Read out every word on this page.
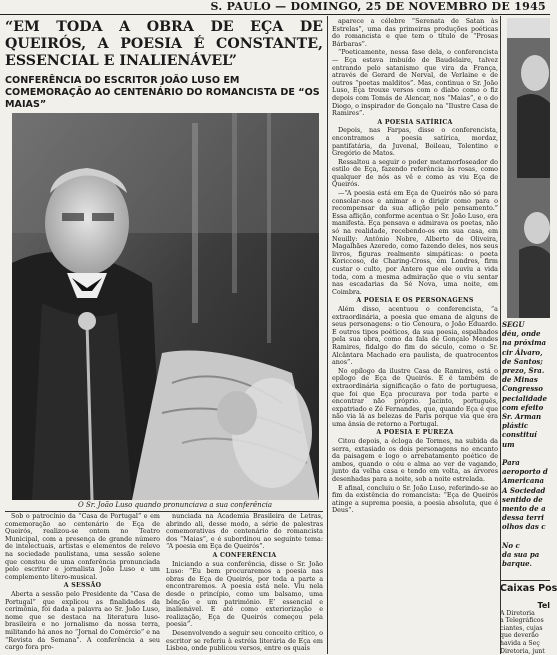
S. PAULO — DOMINGO, 25 DE NOVEMBRO DE 1945
“EM TODA A OBRA DE EÇA DE QUEIRÓS, A POESIA É CONSTANTE, ESSENCIAL E INALIENÁVEL”
CONFERÊNCIA DO ESCRITOR JOÃO LUSO EM COMEMORAÇÃO AO CENTENÁRIO DO ROMANCISTA DE “OS MAIAS”
O Sr. João Luso quando pronunciava a sua conferência

Sob o patrocínio da “Casa de Portugal” e em comemoração ao centenário de Eça de Queirós, realizou-se ontem no Teatro Municipal, com a presença de grande número de intelectuais, artistas e elementos de relevo na sociedade paulistana, uma sessão solene que constou de uma conferência pronunciada pelo escritor e jornalista João Luso e um complemento lítero-musical.

A SESSÃO

Aberta a sessão pelo Presidente da “Casa de Portugal” que explicou as finalidades da cerimônia, foi dada a palavra ao Sr. João Luso, nome que se destaca na literatura luso-brasileira e no jornalismo da nossa terra, militando há anos no “Jornal do Comércio” e na “Revista da Semana”. A conferência a seu cargo fora pro-

nunciada na Academia Brasileira de Letras, abrindo ali, desse modo, a série de palestras comemorativas do centenário do romancista dos “Maias”, e é subordinou ao seguinte tema: “A poesia em Eça de Queirós”.

A CONFERÊNCIA

Iniciando a sua conferência, disse o Sr. João Luso: “Eu bem procuraremos a poesia nas obras de Eça de Queirós, por toda a parte a encontraremos. A poesia está nele. Viu nela desde o princípio, como um balsamo, uma bênção e um patrimônio. E’ essencial e inalienável. E até como exteriorização e realização, Eça de Queirós começou pela poesia”.

Desenvolvendo a seguir seu conceito crítico, o escritor se referiu à estréia literária de Eça em Lisboa, onde publicou versos, entre os quais

aparece a célebre “Serenata de Satan às Estrelas”, uma das primeiras produções poéticas do romancista e que tem o título de “Prosas Bárbaras”.

“Poeticamente, nessa fase dela, o conferencista — Eça estava imbuído de Baudelaire, talvez entrando pelo satanismo que vira da França, através de Gerard de Nerval, de Verlaine e de outros “poetas malditos”. Mas, continua o Sr. João Luso, Eça trouxe versos com o diabo como o fiz depois com Tomás de Alencar, nos “Maias”, e o do Diogo, o inspirador de Gonçalo na “Ilustre Casa de Ramires”.

A POESIA SATÍRICA

Depois, nas Farpas, disse o conferencista, encontramos a poesia satírica, mordaz, pantifatária, da Juvenal, Boileau, Tolentino e Gregório de Matos.

Ressaltou a seguir o poder metamorfoseador do estilo de Eça, fazendo referência às rosas, como qualquer de nós as vê e como as viu Eça de Queirós.

—“A poesia está em Eça de Queirós não só para consolar-nos e animar e o dirigir como para o recompensar da sua aflição pelo pensamento.” Essa aflição, conforme acentua o Sr. João Luso, era manifesta. Eça pensava e admirava os poetas, não só na realidade, recebendo-os em sua casa, em Neuilly: Antônio Nobre, Alberto de Oliveira, Magalhães Azeredo, como fazendo deles, nos seus livros, figuras realmente simpáticas: o poeta Koriccoso, de Charing-Cross, em Londres, firm custar o culto, por Antero que ele ouviu a vida toda, com a mesma admiração que o viu sentar nas escadarias da Sé Nova, uma noite, em Coimbra.

A POESIA E OS PERSONAGENS

Além disso, acentuou o conferencista, “a extraordinária, a poesia que emana de alguns de seus personagens: o tio Cenoura, o João Eduardo. E outros tipos poéticos, da sua poesia, espalhados pela sua obra, como da fala de Gonçalo Mendes Ramires, fidalgo do fim do século, como o Sr. Alcântara Machado era paulista, de quatrocentos anos”.

No epílogo da ilustre Casa de Ramires, está o epílogo de Eça de Queirós. E é também de extraordinária significação o fato de portuguesa, que foi que Eça procurava por toda parte e encontrar não próprio. Jacinto, português, expatriado e Zé Fernandes, que, quando Eça é que não via lá as belezas de Paris porque via que era uma ânsia de retorno a Portugal.

A POESIA E PUREZA

Citou depois, a écloga de Tormes, na subida da serra, extasiado os dois personagens no encanto da paisagem e logo o arrebatamento poético de ambos, quando o céu e alma ao ver de vagando, junto da velha casa e tendo em volta, as árvores desenhadas para a noite, sob a noite estrelada.

E afinal, concluiu o Sr. João Luso, referindo-se ao fim da existência do romancista: “Eça de Queirós atinge a suprema poesia, a poesia absoluta, que é Deus”.

SEGU

déu, onde

na próxima

cir Álvaro,

de Santos;

prezo, Sra.

de Minas

Congresso

pecialidade

com efeito

Sr. Arman

plástic

constituí um

Para

aeroporto d

Americana

A Sociedad

sentido de

mento de a

dessa terri

olhos das c

No c

da sua pa

barque.

Caixas Pos
Tel
A Diretoria
a Telegráficos
ciantes, cujas
que deverão
havida a Seç
Diretoria, junt
